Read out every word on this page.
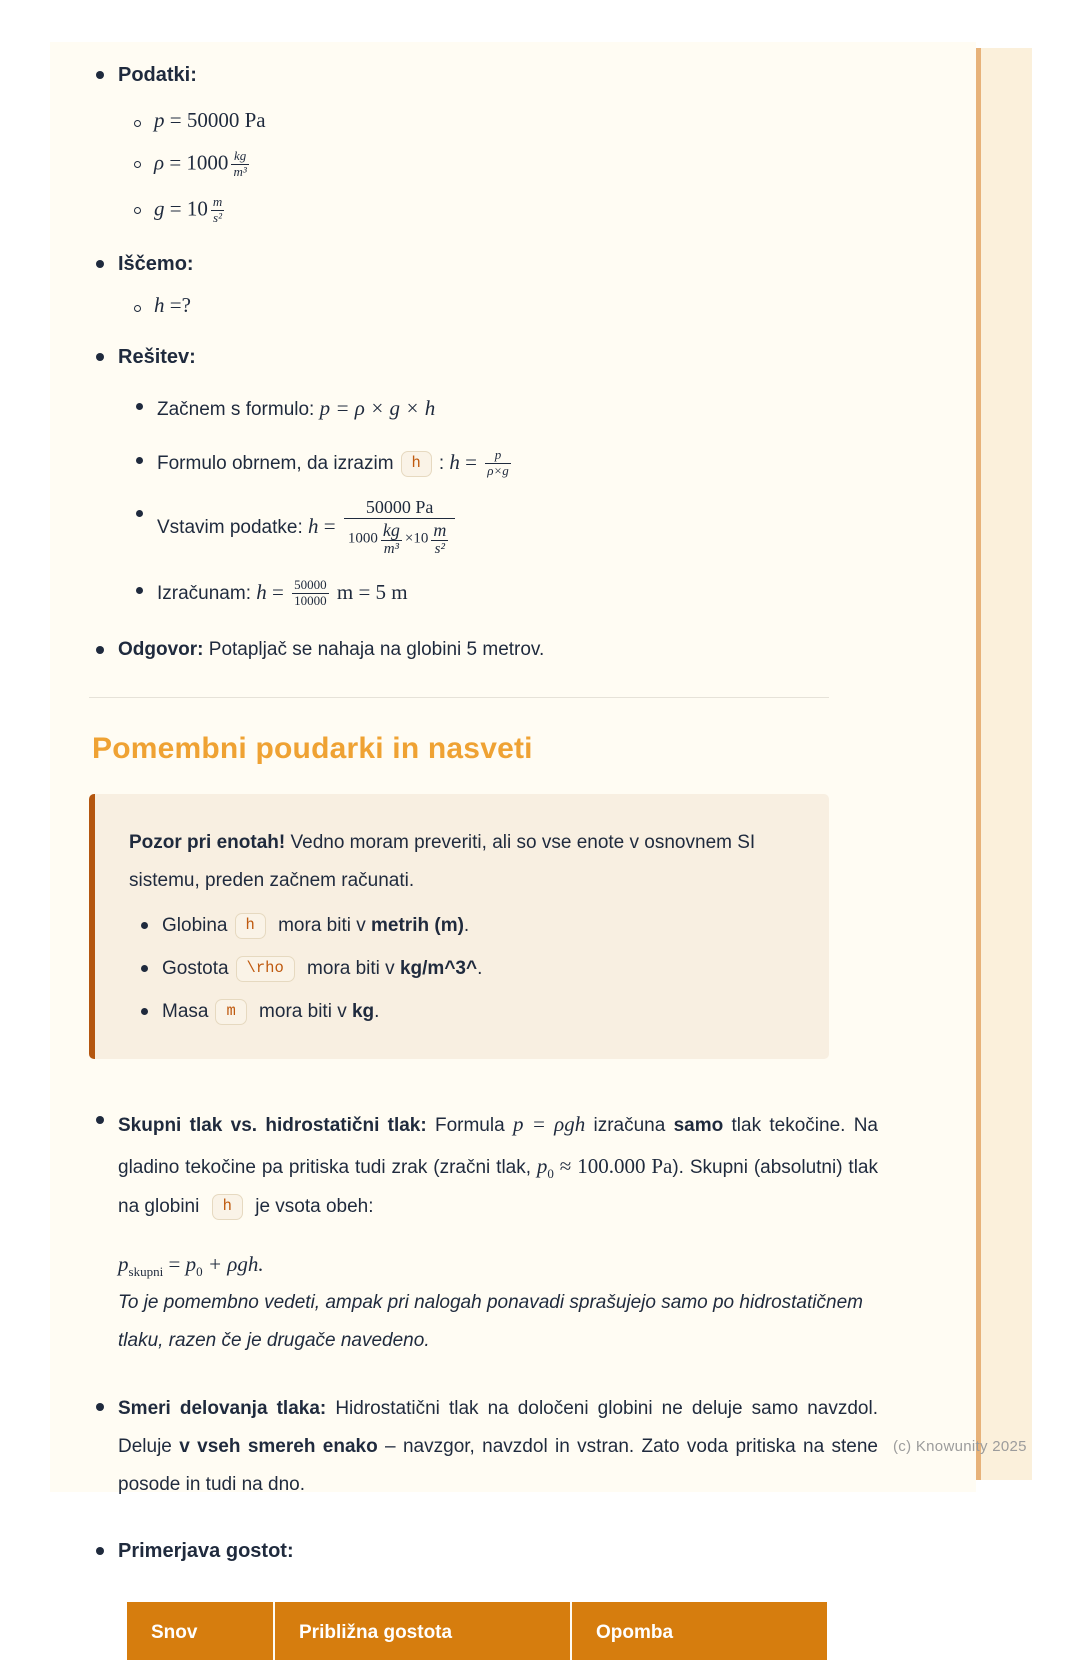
Podatki:
p = 50000 Pa
$\rho = 1000 \frac{kg}{\text{m³}}$
$g = 10 \frac{m}{\text{s²}}$
Iščemo:
h =?
Rešitev:
Začnem s formulo: p = ρ × g × h
Formulo obrnem, da izrazim h : $h = \frac{p}{\rho\times g}$
Vstavim podatke: $h = \frac{50000 Pa}{1000 \frac{kg}{\text{m³}} \times 10 \frac{m}{\text{s²}}}$
Izračunam: $h = \frac{50000}{10000}$ m = 5 m
Odgovor: Potapljač se nahaja na globini 5 metrov.
Pomembni poudarki in nasveti

Pozor pri enotah! Vedno moram preveriti, ali so vse enote v osnovnem SI sistemu, preden začnem računati.

Globina h mora biti v metrih (m).
Gostota \rho mora biti v kg/m^3^.
Masa m mora biti v kg.

Skupni tlak vs. hidrostatični tlak: Formula p = ρgh izračuna samo tlak tekočine. Na gladino tekočine pa pritiska tudi zrak (zračni tlak, $p_0 \approx 100.000$ Pa). Skupni (absolutni) tlak na globini h je vsota obeh:

$p_{skupni} = p_0 + \rho gh$.

To je pomembno vedeti, ampak pri nalogah ponavadi sprašujejo samo po hidrostatičnem tlaku, razen če je drugače navedeno.

Smeri delovanja tlaka: Hidrostatični tlak na določeni globini ne deluje samo navzdol. Deluje v vseh smereh enako – navzgor, navzdol in vstran. Zato voda pritiska na stene posode in tudi na dno.

Primerjava gostot:
Snov	Približna gostota	Opomba

(c) Knowunity 2025
